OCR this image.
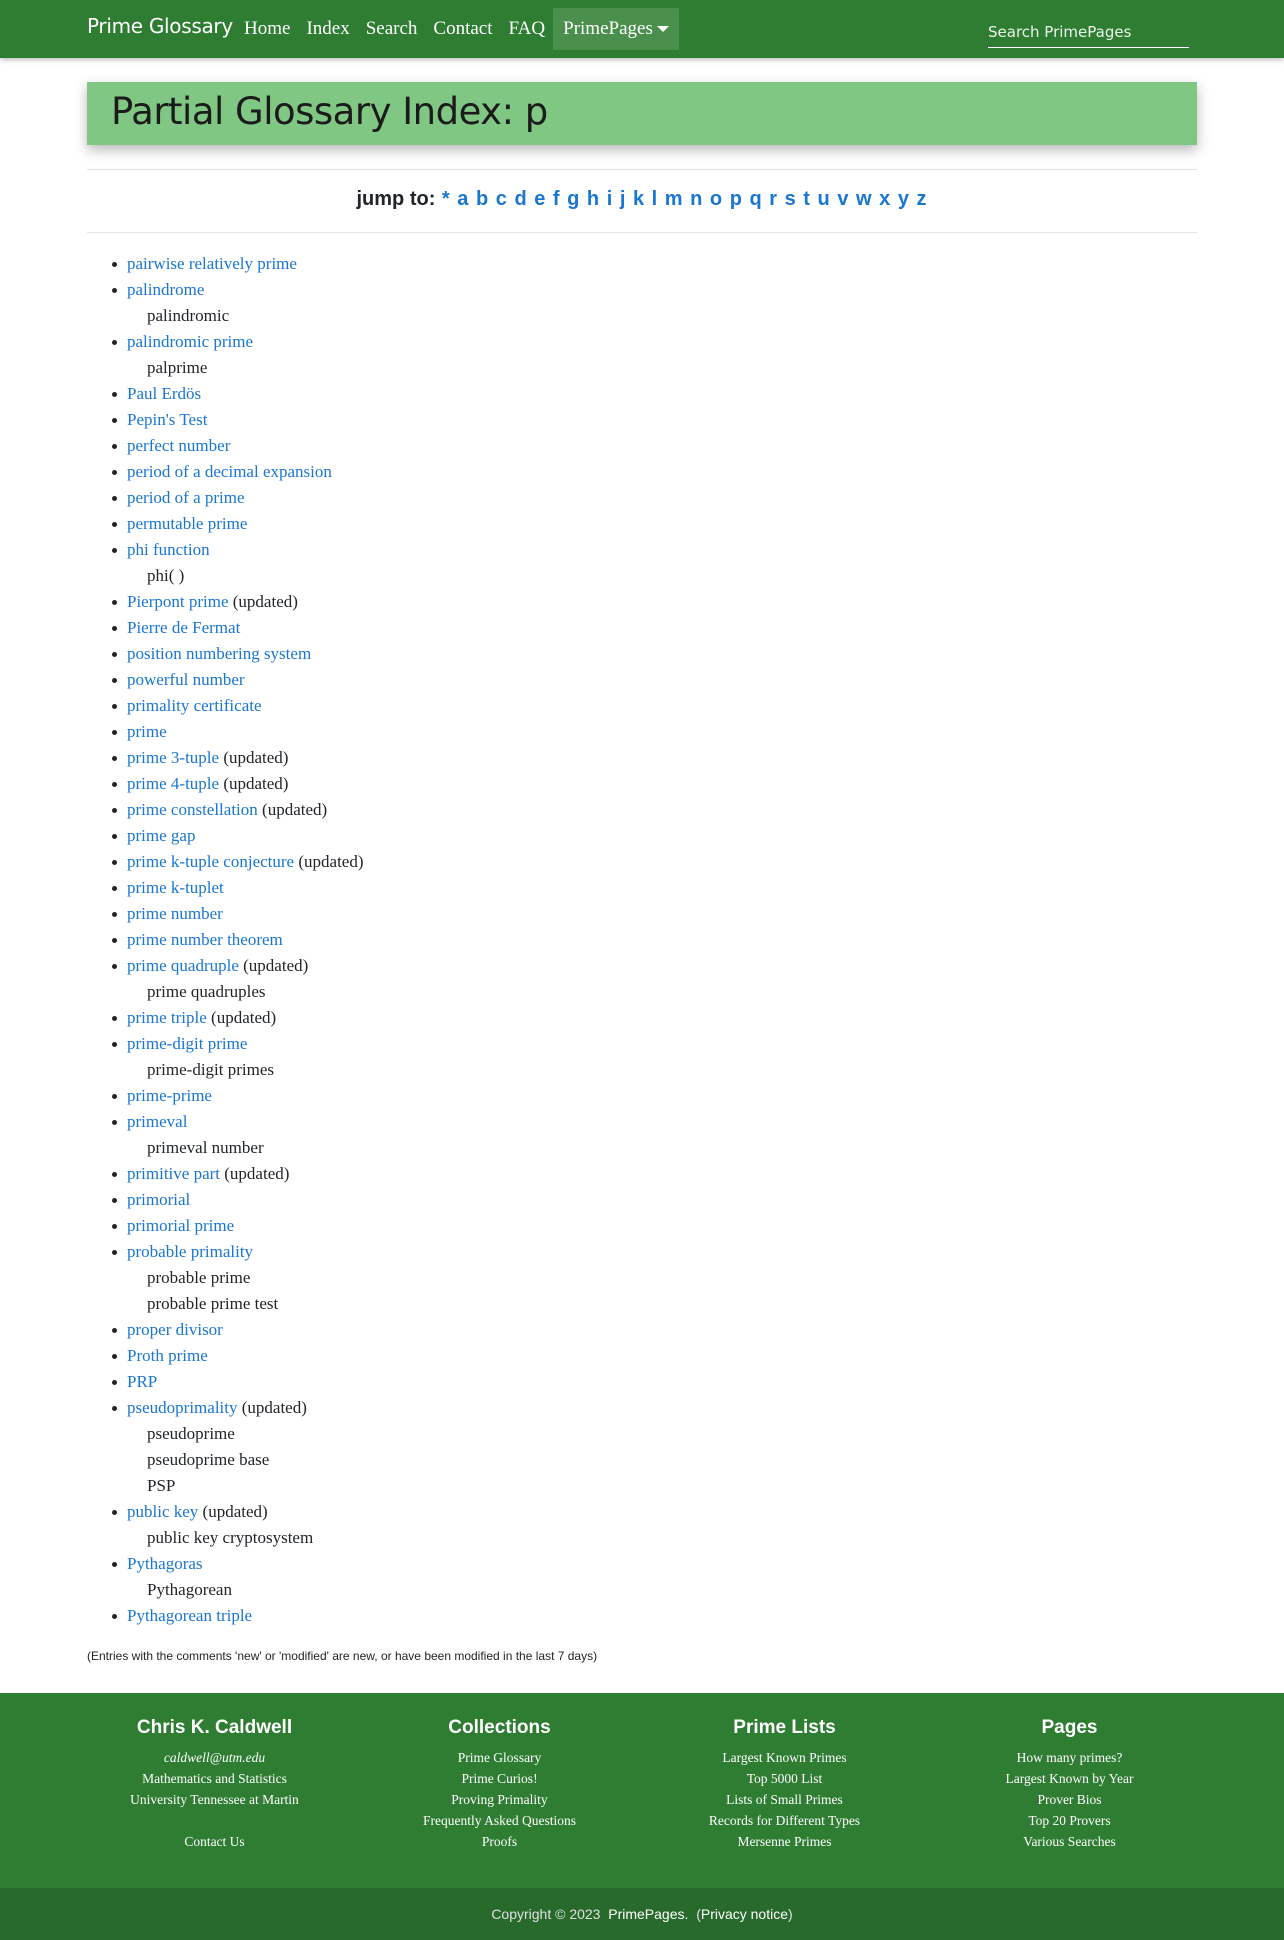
Prime Glossary Home Index Search Contact FAQ PrimePages
Search PrimePages
Partial Glossary Index: p
jump to: * a b c d e f g h i j k l m n o p q r s t u v w x y z
pairwise relatively prime
palindrome
palindromic
palindromic prime
palprime
Paul Erdös
Pepin's Test
perfect number
period of a decimal expansion
period of a prime
permutable prime
phi function
phi( )
Pierpont prime (updated)
Pierre de Fermat
position numbering system
powerful number
primality certificate
prime
prime 3-tuple (updated)
prime 4-tuple (updated)
prime constellation (updated)
prime gap
prime k-tuple conjecture (updated)
prime k-tuplet
prime number
prime number theorem
prime quadruple (updated)
prime quadruples
prime triple (updated)
prime-digit prime
prime-digit primes
prime-prime
primeval
primeval number
primitive part (updated)
primorial
primorial prime
probable primality
probable prime
probable prime test
proper divisor
Proth prime
PRP
pseudoprimality (updated)
pseudoprime
pseudoprime base
PSP
public key (updated)
public key cryptosystem
Pythagoras
Pythagorean
Pythagorean triple
(Entries with the comments 'new' or 'modified' are new, or have been modified in the last 7 days)
Chris K. Caldwell
caldwell@utm.edu
Mathematics and Statistics
University Tennessee at Martin
Contact Us
Collections
Prime Glossary
Prime Curios!
Proving Primality
Frequently Asked Questions
Proofs
Prime Lists
Largest Known Primes
Top 5000 List
Lists of Small Primes
Records for Different Types
Mersenne Primes
Pages
How many primes?
Largest Known by Year
Prover Bios
Top 20 Provers
Various Searches
Copyright © 2023 PrimePages.  (Privacy notice)
